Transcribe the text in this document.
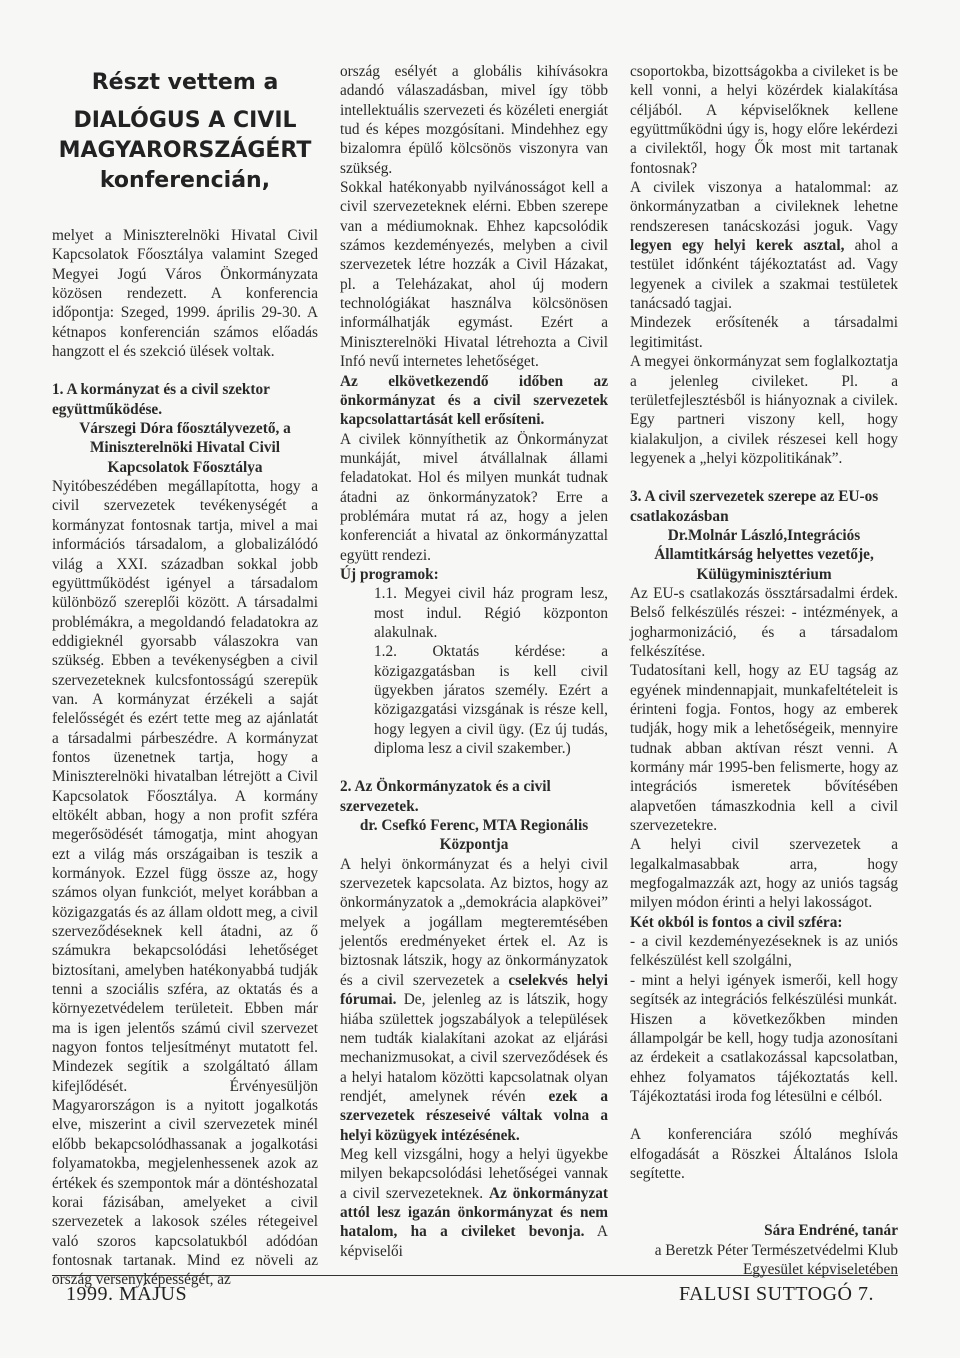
Részt vettem a
DIALÓGUS A CIVIL
MAGYARORSZÁGÉRT
konferencián,

melyet a Miniszterelnöki Hivatal Civil Kapcsolatok Főosztálya valamint Szeged Megyei Jogú Város Önkormányzata közösen rendezett. A konferencia időpontja: Szeged, 1999. április 29-30. A kétnapos konferencián számos előadás hangzott el és szekció ülések voltak.

1. A kormányzat és a civil szektor együttműködése.

Várszegi Dóra főosztályvezető, a Miniszterelnöki Hivatal Civil Kapcsolatok Főosztálya

Nyitóbeszédében megállapította, hogy a civil szervezetek tevékenységét a kormányzat fontosnak tartja, mivel a mai információs társadalom, a globalizálódó világ a XXI. században sokkal jobb együttműködést igényel a társadalom különböző szereplői között. A társadalmi problémákra, a megoldandó feladatokra az eddigieknél gyorsabb válaszokra van szükség. Ebben a tevékenységben a civil szervezeteknek kulcsfontosságú szerepük van. A kormányzat érzékeli a saját felelősségét és ezért tette meg az ajánlatát a társadalmi párbeszédre. A kormányzat fontos üzenetnek tartja, hogy a Miniszterelnöki hivatalban létrejött a Civil Kapcsolatok Főosztálya. A kormány eltökélt abban, hogy a non profit szféra megerősödését támogatja, mint ahogyan ezt a világ más országaiban is teszik a kormányok. Ezzel függ össze az, hogy számos olyan funkciót, melyet korábban a közigazgatás és az állam oldott meg, a civil szerveződéseknek kell átadni, az ő számukra bekapcsolódási lehetőséget biztosítani, amelyben hatékonyabbá tudják tenni a szociális szféra, az oktatás és a környezetvédelem területeit. Ebben már ma is igen jelentős számú civil szervezet nagyon fontos teljesítményt mutatott fel. Mindezek segítik a szolgáltató állam kifejlődését. Érvényesüljön Magyarországon is a nyitott jogalkotás elve, miszerint a civil szervezetek minél előbb bekapcsolódhassanak a jogalkotási folyamatokba, megjelenhessenek azok az értékek és szempontok már a döntéshozatal korai fázisában, amelyeket a civil szervezetek a lakosok széles rétegeivel való szoros kapcsolatukból adódóan fontosnak tartanak. Mind ez növeli az ország versenyképességét, az

ország esélyét a globális kihívásokra adandó válaszadásban, mivel így több intellektuális szervezeti és közéleti energiát tud és képes mozgósítani. Mindehhez egy bizalomra épülő kölcsönös viszonyra van szükség.

Sokkal hatékonyabb nyilvánosságot kell a civil szervezeteknek elérni. Ebben szerepe van a médiumoknak. Ehhez kapcsolódik számos kezdeményezés, melyben a civil szervezetek létre hozzák a Civil Házakat, pl. a Teleházakat, ahol új modern technológiákat használva kölcsönösen informálhatják egymást. Ezért a Miniszterelnöki Hivatal létrehozta a Civil Infó nevű internetes lehetőséget.

Az elkövetkezendő időben az önkormányzat és a civil szervezetek kapcsolattartását kell erősíteni.

A civilek könnyíthetik az Önkormányzat munkáját, mivel átvállalnak állami feladatokat. Hol és milyen munkát tudnak átadni az önkormányzatok? Erre a problémára mutat rá az, hogy a jelen konferenciát a hivatal az önkormányzattal együtt rendezi.

Új programok:

1.1. Megyei civil ház program lesz, most indul. Régió központon alakulnak.

1.2. Oktatás kérdése: a közigazgatásban is kell civil ügyekben járatos személy. Ezért a közigazgatási vizsgának is része kell, hogy legyen a civil ügy. (Ez új tudás, diploma lesz a civil szakember.)

2. Az Önkormányzatok és a civil szervezetek.

dr. Csefkó Ferenc, MTA Regionális Központja

A helyi önkormányzat és a helyi civil szervezetek kapcsolata. Az biztos, hogy az önkormányzatok a „demokrácia alapkövei” melyek a jogállam megteremtésében jelentős eredményeket értek el. Az is biztosnak látszik, hogy az önkormányzatok és a civil szervezetek a cselekvés helyi fórumai. De, jelenleg az is látszik, hogy hiába születtek jogszabályok a települések nem tudták kialakítani azokat az eljárási mechanizmusokat, a civil szerveződések és a helyi hatalom közötti kapcsolatnak olyan rendjét, amelynek révén ezek a szervezetek részeseivé váltak volna a helyi közügyek intézésének.

Meg kell vizsgálni, hogy a helyi ügyekbe milyen bekapcsolódási lehetőségei vannak a civil szervezeteknek. Az önkormányzat attól lesz igazán önkormányzat és nem hatalom, ha a civileket bevonja. A képviselői

csoportokba, bizottságokba a civileket is be kell vonni, a helyi közérdek kialakítása céljából. A képviselőknek kellene együttműködni úgy is, hogy előre lekérdezi a civilektől, hogy Ők most mit tartanak fontosnak?

A civilek viszonya a hatalommal: az önkormányzatban a civileknek lehetne rendszeresen tanácskozási joguk. Vagy legyen egy helyi kerek asztal, ahol a testület időnként tájékoztatást ad. Vagy legyenek a civilek a szakmai testületek tanácsadó tagjai.

Mindezek erősítenék a társadalmi legitimitást.

A megyei önkormányzat sem foglalkoztatja a jelenleg civileket. Pl. a területfejlesztésből is hiányoznak a civilek. Egy partneri viszony kell, hogy kialakuljon, a civilek részesei kell hogy legyenek a „helyi közpolitikának”.

3. A civil szervezetek szerepe az EU-os csatlakozásban

Dr.Molnár László,Integrációs Államtitkárság helyettes vezetője, Külügyminisztérium

Az EU-s csatlakozás össztársadalmi érdek. Belső felkészülés részei: - intézmények, a jogharmonizáció, és a társadalom felkészítése.

Tudatosítani kell, hogy az EU tagság az egyének mindennapjait, munkafeltételeit is érinteni fogja. Fontos, hogy az emberek tudják, hogy mik a lehetőségeik, mennyire tudnak abban aktívan részt venni. A kormány már 1995-ben felismerte, hogy az integrációs ismeretek bővítésében alapvetően támaszkodnia kell a civil szervezetekre.

A helyi civil szervezetek a legalkalmasabbak arra, hogy megfogalmazzák azt, hogy az uniós tagság milyen módon érinti a helyi lakosságot.

Két okból is fontos a civil szféra:

- a civil kezdeményezéseknek is az uniós felkészülést kell szolgálni,

- mint a helyi igények ismerői, kell hogy segítsék az integrációs felkészülési munkát.

Hiszen a következőkben minden állampolgár be kell, hogy tudja azonosítani az érdekeit a csatlakozással kapcsolatban, ehhez folyamatos tájékoztatás kell. Tájékoztatási iroda fog létesülni e célból.

A konferenciára szóló meghívás elfogadását a Röszkei Általános Islola segítette.

Sára Endréné, tanár

a Beretzk Péter Természetvédelmi Klub

Egyesület képviseletében

1999. MÁJUS	FALUSI SUTTOGÓ 7.
